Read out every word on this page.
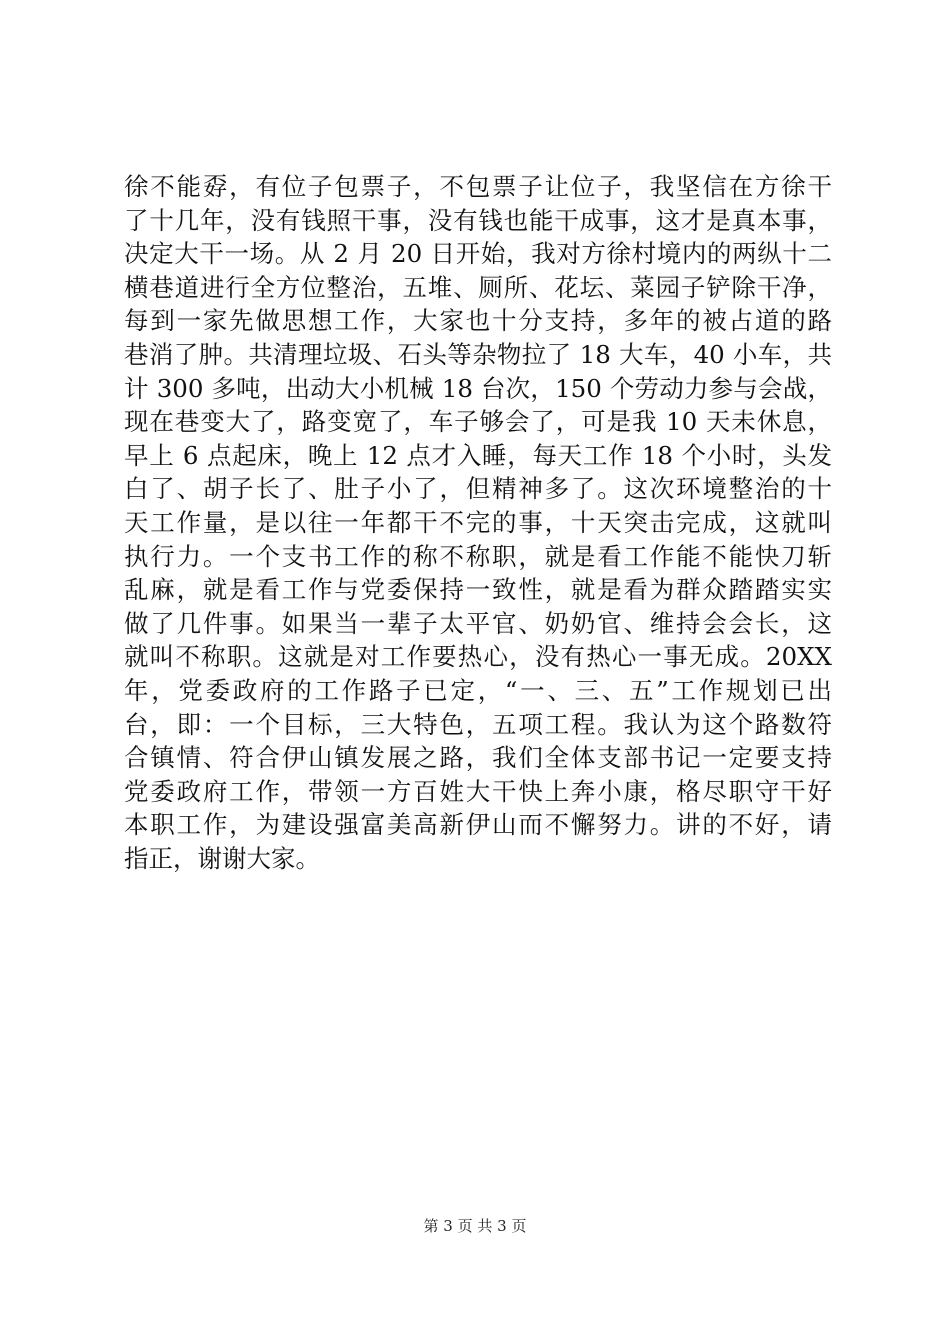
徐不能孬，有位子包票子，不包票子让位子，我坚信在方徐干
了十几年，没有钱照干事，没有钱也能干成事，这才是真本事，
决定大干一场。从 2 月 20 日开始，我对方徐村境内的两纵十二
横巷道进行全方位整治，五堆、厕所、花坛、菜园子铲除干净，
每到一家先做思想工作，大家也十分支持，多年的被占道的路
巷消了肿。共清理垃圾、石头等杂物拉了 18 大车，40 小车，共
计 300 多吨，出动大小机械 18 台次，150 个劳动力参与会战，
现在巷变大了，路变宽了，车子够会了，可是我 10 天未休息，
早上 6 点起床，晚上 12 点才入睡，每天工作 18 个小时，头发
白了、胡子长了、肚子小了，但精神多了。这次环境整治的十
天工作量，是以往一年都干不完的事，十天突击完成，这就叫
执行力。一个支书工作的称不称职，就是看工作能不能快刀斩
乱麻，就是看工作与党委保持一致性，就是看为群众踏踏实实
做了几件事。如果当一辈子太平官、奶奶官、维持会会长，这
就叫不称职。这就是对工作要热心，没有热心一事无成。20XX
年，党委政府的工作路子已定，“一、三、五”工作规划已出
台，即：一个目标，三大特色，五项工程。我认为这个路数符
合镇情、符合伊山镇发展之路，我们全体支部书记一定要支持
党委政府工作，带领一方百姓大干快上奔小康，格尽职守干好
本职工作，为建设强富美高新伊山而不懈努力。讲的不好，请
指正，谢谢大家。
第 3 页 共 3 页
